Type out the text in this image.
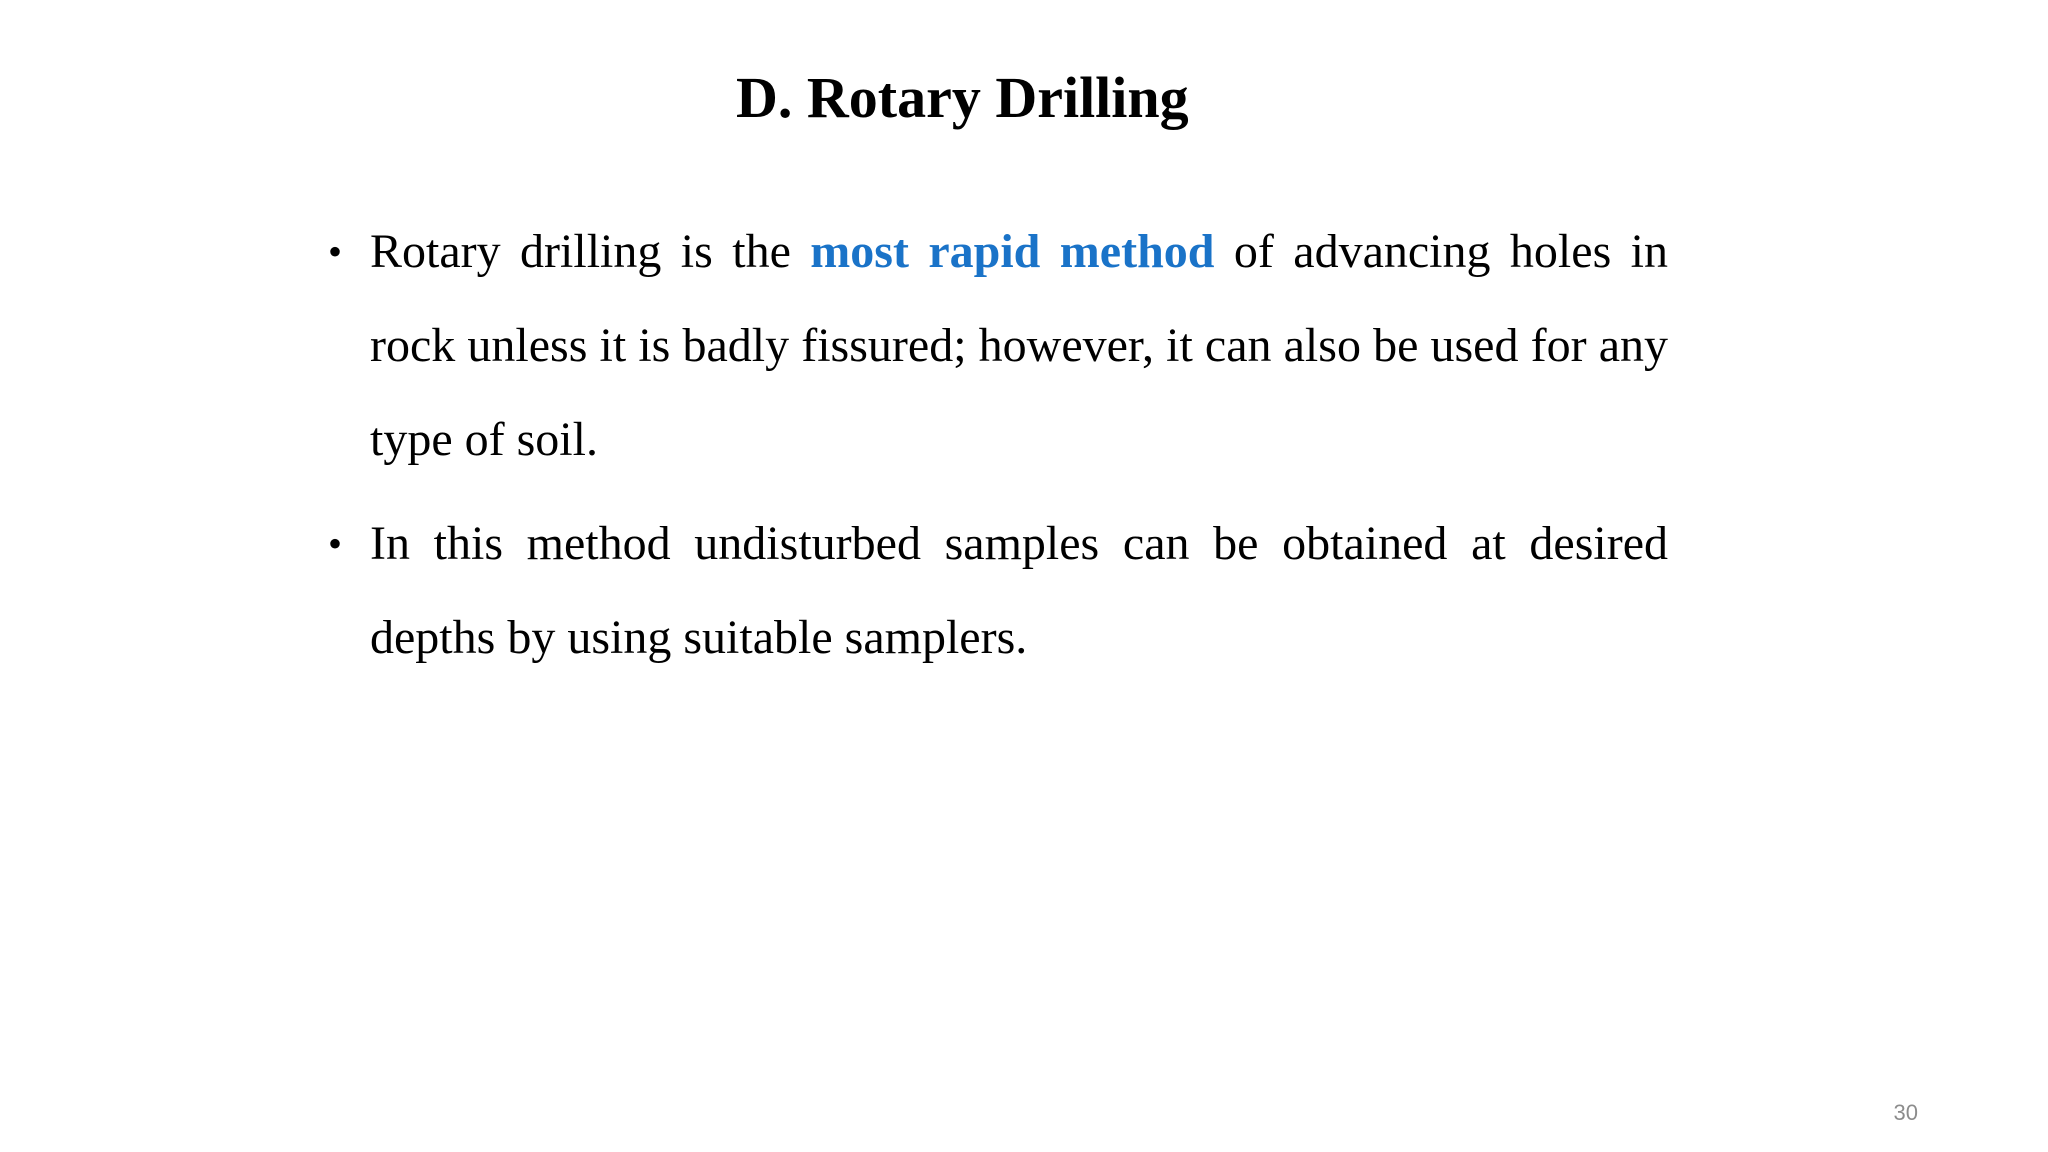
D. Rotary Drilling
• Rotary drilling is the most rapid method of advancing holes in rock unless it is badly fissured; however, it can also be used for any type of soil.
• In this method undisturbed samples can be obtained at desired depths by using suitable samplers.
30
